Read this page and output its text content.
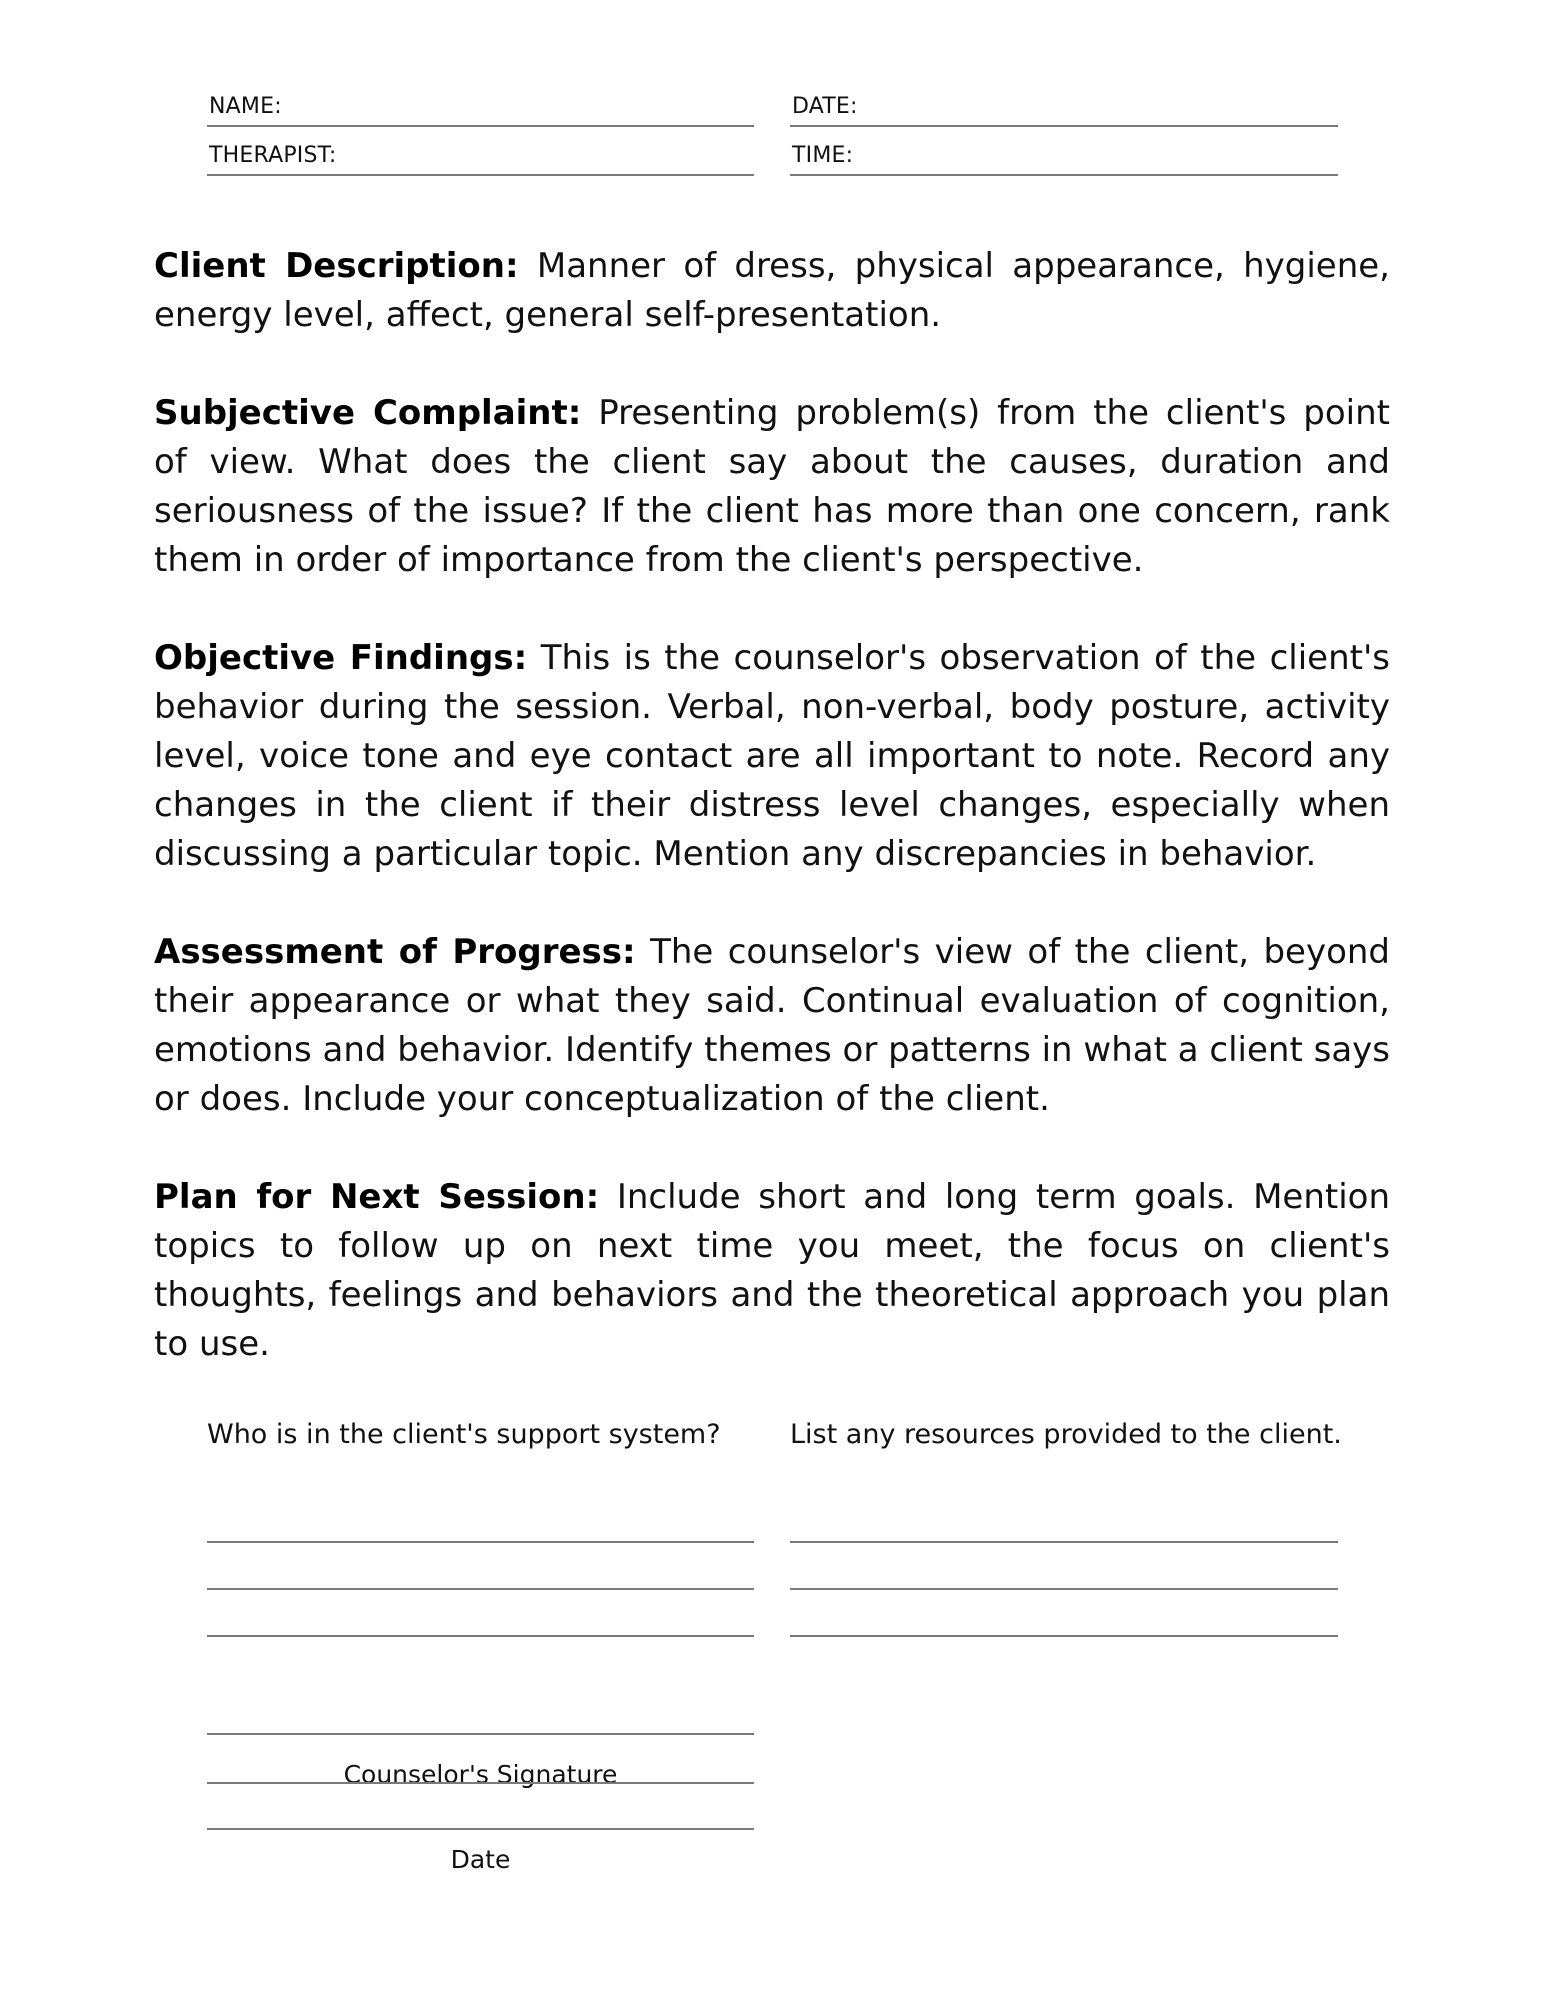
NAME:	DATE:
THERAPIST:	TIME:

Client Description: Manner of dress, physical appearance, hygiene, energy level, affect, general self-presentation.

Subjective Complaint: Presenting problem(s) from the client's point of view. What does the client say about the causes, duration and seriousness of the issue? If the client has more than one concern, rank them in order of importance from the client's perspective.

Objective Findings: This is the counselor's observation of the client's behavior during the session. Verbal, non-verbal, body posture, activity level, voice tone and eye contact are all important to note. Record any changes in the client if their distress level changes, especially when discussing a particular topic. Mention any discrepancies in behavior.

Assessment of Progress: The counselor's view of the client, beyond their appearance or what they said. Continual evaluation of cognition, emotions and behavior. Identify themes or patterns in what a client says or does. Include your conceptualization of the client.

Plan for Next Session: Include short and long term goals. Mention topics to follow up on next time you meet, the focus on client's thoughts, feelings and behaviors and the theoretical approach you plan to use.

Who is in the client's support system?	List any resources provided to the client.
Counselor's Signature
Date
